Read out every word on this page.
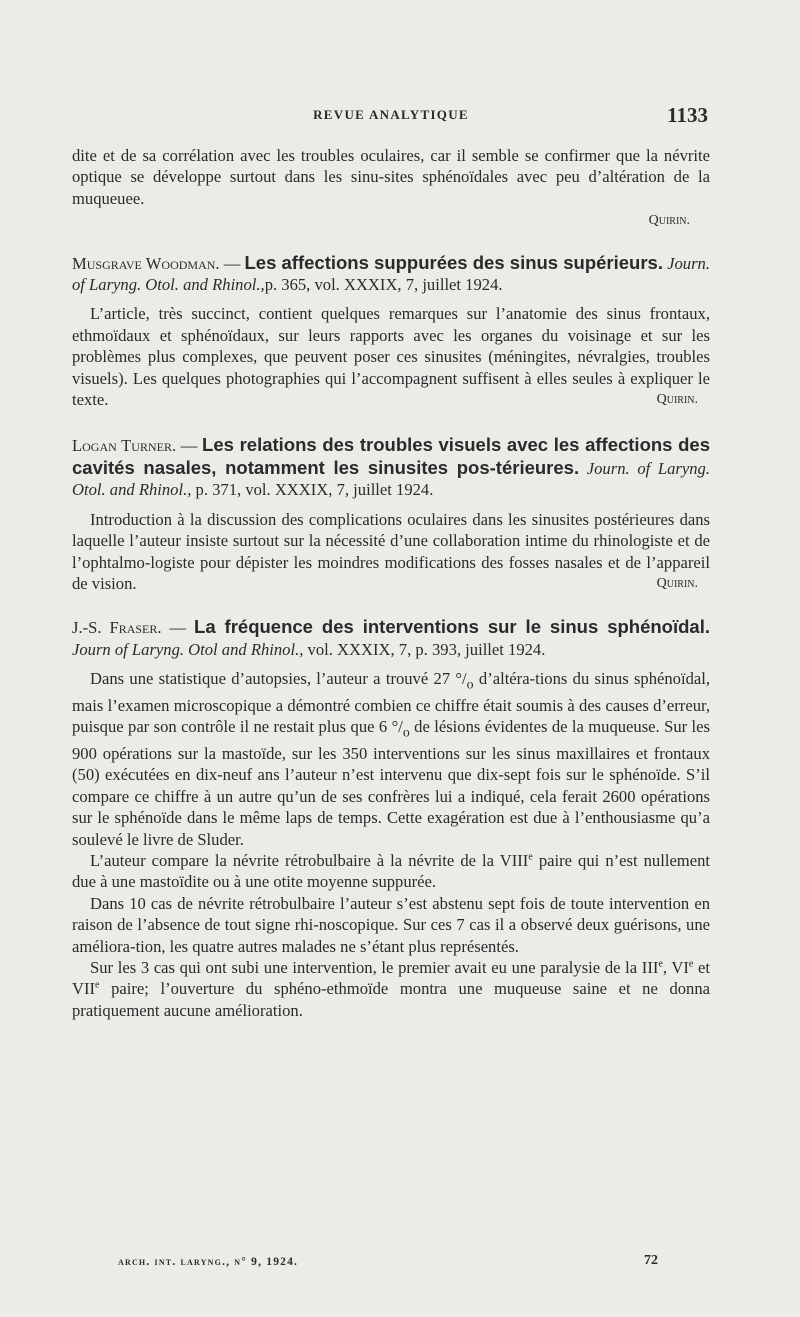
REVUE ANALYTIQUE	1133

dite et de sa corrélation avec les troubles oculaires, car il semble se confirmer que la névrite optique se développe surtout dans les sinu-sites sphénoïdales avec peu d’altération de la muqueuee.

Quirin.

Musgrave Woodman. — Les affections suppurées des sinus supérieurs. Journ. of Laryng. Otol. and Rhinol.,p. 365, vol. XXXIX, 7, juillet 1924.

L’article, très succinct, contient quelques remarques sur l’anatomie des sinus frontaux, ethmoïdaux et sphénoïdaux, sur leurs rapports avec les organes du voisinage et sur les problèmes plus complexes, que peuvent poser ces sinusites (méningites, névralgies, troubles visuels). Les quelques photographies qui l’accompagnent suffisent à elles seules à expliquer le texte.	Quirin.

Logan Turner. — Les relations des troubles visuels avec les affections des cavités nasales, notamment les sinusites pos-térieures. Journ. of Laryng. Otol. and Rhinol., p. 371, vol. XXXIX, 7, juillet 1924.

Introduction à la discussion des complications oculaires dans les sinusites postérieures dans laquelle l’auteur insiste surtout sur la nécessité d’une collaboration intime du rhinologiste et de l’ophtalmo-logiste pour dépister les moindres modifications des fosses nasales et de l’appareil de vision.	Quirin.

J.-S. Fraser. — La fréquence des interventions sur le sinus sphénoïdal. Journ of Laryng. Otol and Rhinol., vol. XXXIX, 7, p. 393, juillet 1924.

Dans une statistique d’autopsies, l’auteur a trouvé 27 $^\circ/_o$ d’altéra-tions du sinus sphénoïdal, mais l’examen microscopique a démontré combien ce chiffre était soumis à des causes d’erreur, puisque par son contrôle il ne restait plus que 6 $^\circ/_o$ de lésions évidentes de la muqueuse. Sur les 900 opérations sur la mastoïde, sur les 350 interventions sur les sinus maxillaires et frontaux (50) exécutées en dix-neuf ans l’auteur n’est intervenu que dix-sept fois sur le sphénoïde. S’il compare ce chiffre à un autre qu’un de ses confrères lui a indiqué, cela ferait 2600 opérations sur le sphénoïde dans le même laps de temps. Cette exagération est due à l’enthousiasme qu’a soulevé le livre de Sluder.

L’auteur compare la névrite rétrobulbaire à la névrite de la VIIIe paire qui n’est nullement due à une mastoïdite ou à une otite moyenne suppurée.

Dans 10 cas de névrite rétrobulbaire l’auteur s’est abstenu sept fois de toute intervention en raison de l’absence de tout signe rhi-noscopique. Sur ces 7 cas il a observé deux guérisons, une améliora-tion, les quatre autres malades ne s’étant plus représentés.

Sur les 3 cas qui ont subi une intervention, le premier avait eu une paralysie de la IIIe, VIe et VIIe paire; l’ouverture du sphéno-ethmoïde montra une muqueuse saine et ne donna pratiquement aucune amélioration.

arch. int. laryng., n° 9, 1924.	72
